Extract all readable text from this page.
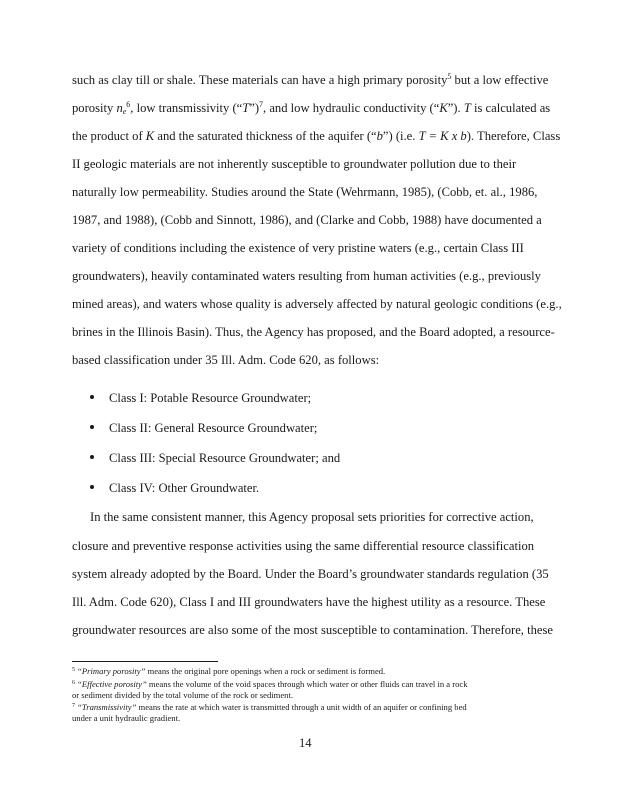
such as clay till or shale. These materials can have a high primary porosity$^5$ but a low effective
porosity $n_e^6$, low transmissivity (“T”)$^7$, and low hydraulic conductivity (“K”). T is calculated as
the product of K and the saturated thickness of the aquifer (“b”) (i.e. T = K x b). Therefore, Class
II geologic materials are not inherently susceptible to groundwater pollution due to their
naturally low permeability. Studies around the State (Wehrmann, 1985), (Cobb, et. al., 1986,
1987, and 1988), (Cobb and Sinnott, 1986), and (Clarke and Cobb, 1988) have documented a
variety of conditions including the existence of very pristine waters (e.g., certain Class III
groundwaters), heavily contaminated waters resulting from human activities (e.g., previously
mined areas), and waters whose quality is adversely affected by natural geologic conditions (e.g.,
brines in the Illinois Basin). Thus, the Agency has proposed, and the Board adopted, a resource-
based classification under 35 Ill. Adm. Code 620, as follows:
Class I: Potable Resource Groundwater;
Class II: General Resource Groundwater;
Class III: Special Resource Groundwater; and
Class IV: Other Groundwater.
In the same consistent manner, this Agency proposal sets priorities for corrective action,
closure and preventive response activities using the same differential resource classification
system already adopted by the Board. Under the Board’s groundwater standards regulation (35
Ill. Adm. Code 620), Class I and III groundwaters have the highest utility as a resource. These
groundwater resources are also some of the most susceptible to contamination. Therefore, these
$^5$ “Primary porosity” means the original pore openings when a rock or sediment is formed.
$^6$ “Effective porosity” means the volume of the void spaces through which water or other fluids can travel in a rock
or sediment divided by the total volume of the rock or sediment.
$^7$ “Transmissivity” means the rate at which water is transmitted through a unit width of an aquifer or confining bed
under a unit hydraulic gradient.
14
